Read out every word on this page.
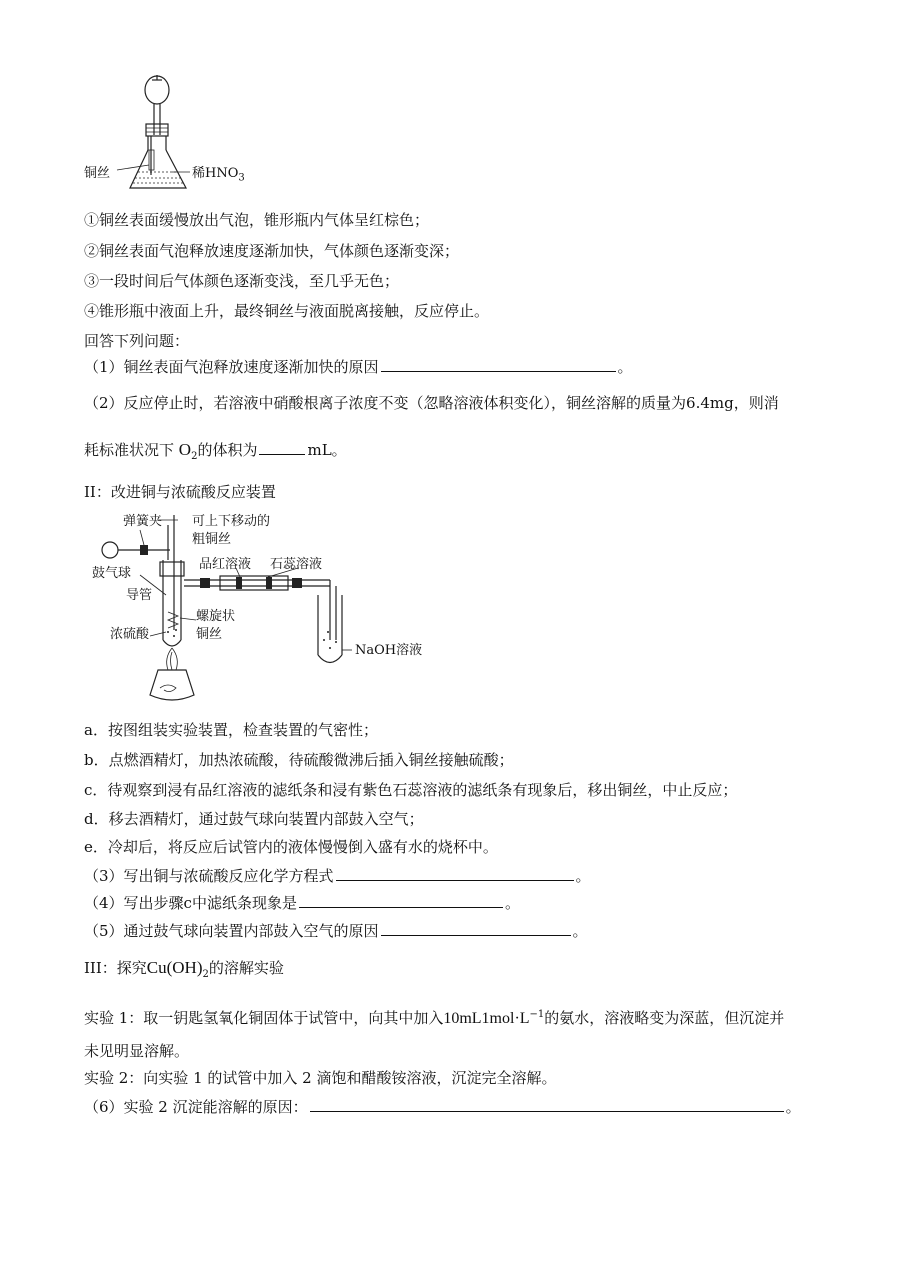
铜丝	稀$HNO_3$
①铜丝表面缓慢放出气泡，锥形瓶内气体呈红棕色；
②铜丝表面气泡释放速度逐渐加快，气体颜色逐渐变深；
③一段时间后气体颜色逐渐变浅，至几乎无色；
④锥形瓶中液面上升，最终铜丝与液面脱离接触，反应停止。
回答下列问题：
（1）铜丝表面气泡释放速度逐渐加快的原因	。
（2）反应停止时，若溶液中硝酸根离子浓度不变（忽略溶液体积变化），铜丝溶解的质量为6.4mg，则消
耗标准状况下 $O_2$的体积为	mL。
II：改进铜与浓硫酸反应装置
弹簧夹 可上下移动的
粗铜丝
品红溶液 石蕊溶液
鼓气球
导管
螺旋状
铜丝
浓硫酸
NaOH溶液
a．按图组装实验装置，检查装置的气密性；
b．点燃酒精灯，加热浓硫酸，待硫酸微沸后插入铜丝接触硫酸；
c．待观察到浸有品红溶液的滤纸条和浸有紫色石蕊溶液的滤纸条有现象后，移出铜丝，中止反应；
d．移去酒精灯，通过鼓气球向装置内部鼓入空气；
e．冷却后，将反应后试管内的液体慢慢倒入盛有水的烧杯中。
（3）写出铜与浓硫酸反应化学方程式	。
（4）写出步骤c中滤纸条现象是	。
（5）通过鼓气球向装置内部鼓入空气的原因	。
III：探究$Cu(OH)_2$的溶解实验
实验 1：取一钥匙氢氧化铜固体于试管中，向其中加入$10mL1mol\cdot L^{-1}$的氨水，溶液略变为深蓝，但沉淀并
未见明显溶解。
实验 2：向实验 1 的试管中加入 2 滴饱和醋酸铵溶液，沉淀完全溶解。
（6）实验 2 沉淀能溶解的原因：	。
